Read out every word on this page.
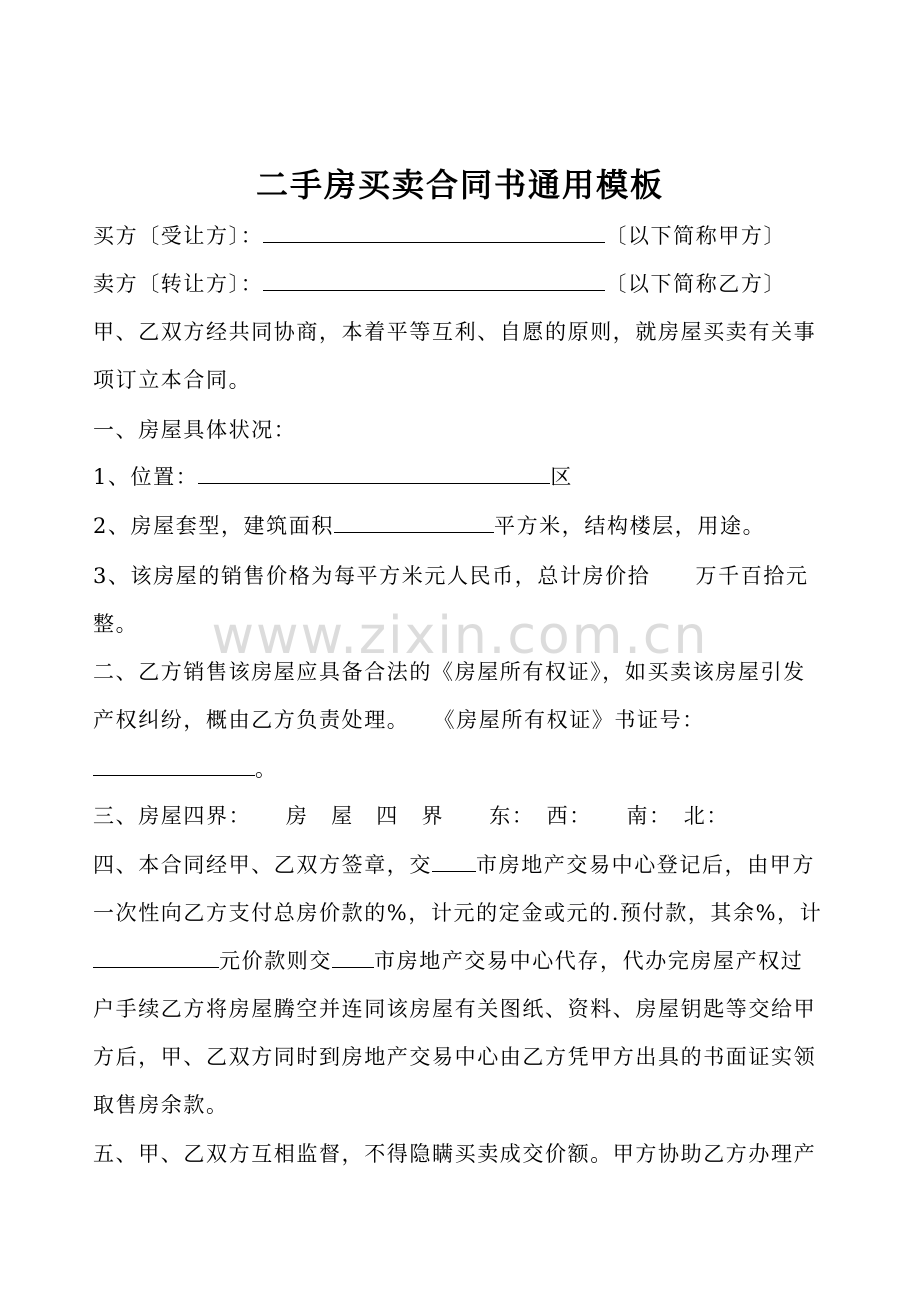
二手房买卖合同书通用模板
买方〔受让方〕：	〔以下简称甲方〕
卖方〔转让方〕：	〔以下简称乙方〕
甲、乙双方经共同协商，本着平等互利、自愿的原则，就房屋买卖有关事
项订立本合同。
一、房屋具体状况：
1、位置：	区
2、房屋套型，建筑面积	平方米，结构楼层，用途。
3、该房屋的销售价格为每平方米元人民币，总计房价拾　　万千百拾元
整。
二、乙方销售该房屋应具备合法的《房屋所有权证》，如买卖该房屋引发
产权纠纷，概由乙方负责处理。　　《房屋所有权证》书证号：
。
三、房屋四界：　　房　屋　四　界　　东：　西：　　南：　北：
四、本合同经甲、乙双方签章，交 市房地产交易中心登记后，由甲方
一次性向乙方支付总房价款的%，计元的定金或元的.预付款，其余%，计
元价款则交 市房地产交易中心代存，代办完房屋产权过
户手续乙方将房屋腾空并连同该房屋有关图纸、资料、房屋钥匙等交给甲
方后，甲、乙双方同时到房地产交易中心由乙方凭甲方出具的书面证实领
取售房余款。
五、甲、乙双方互相监督，不得隐瞒买卖成交价额。甲方协助乙方办理产
www.zixin.com.cn
